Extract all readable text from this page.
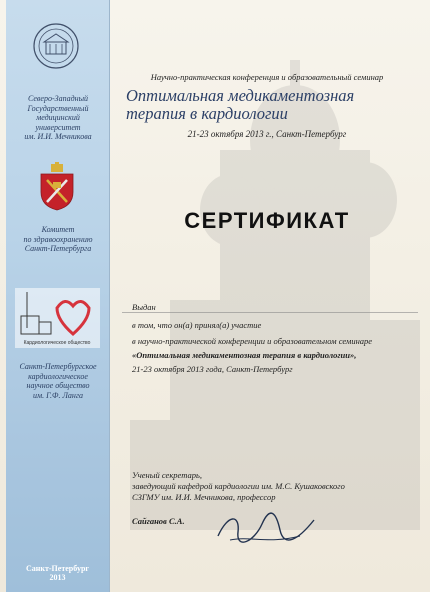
Северо-Западный
Государственный
медицинский
университет
им. И.И. Мечникова
Комитет
по здравоохранению
Санкт-Петербурга
Кардиологическое общество
Санкт-Петербургское
кардиологическое
научное общество
им. Г.Ф. Ланга
Санкт-Петербург
2013
Научно-практическая конференция и образовательный семинар
Оптимальная медикаментозная
терапия в кардиологии
21-23 октября 2013 г., Санкт-Петербург
СЕРТИФИКАТ
Выдан
в том, что он(а) принял(а) участие
в научно-практической конференции и образовательном семинаре
«Оптимальная медикаментозная терапия в кардиологии»,
21-23 октября 2013 года, Санкт-Петербург
Ученый секретарь,
заведующий кафедрой кардиологии им. М.С. Кушаковского
СЗГМУ им. И.И. Мечникова, профессор
Сайганов С.А.
